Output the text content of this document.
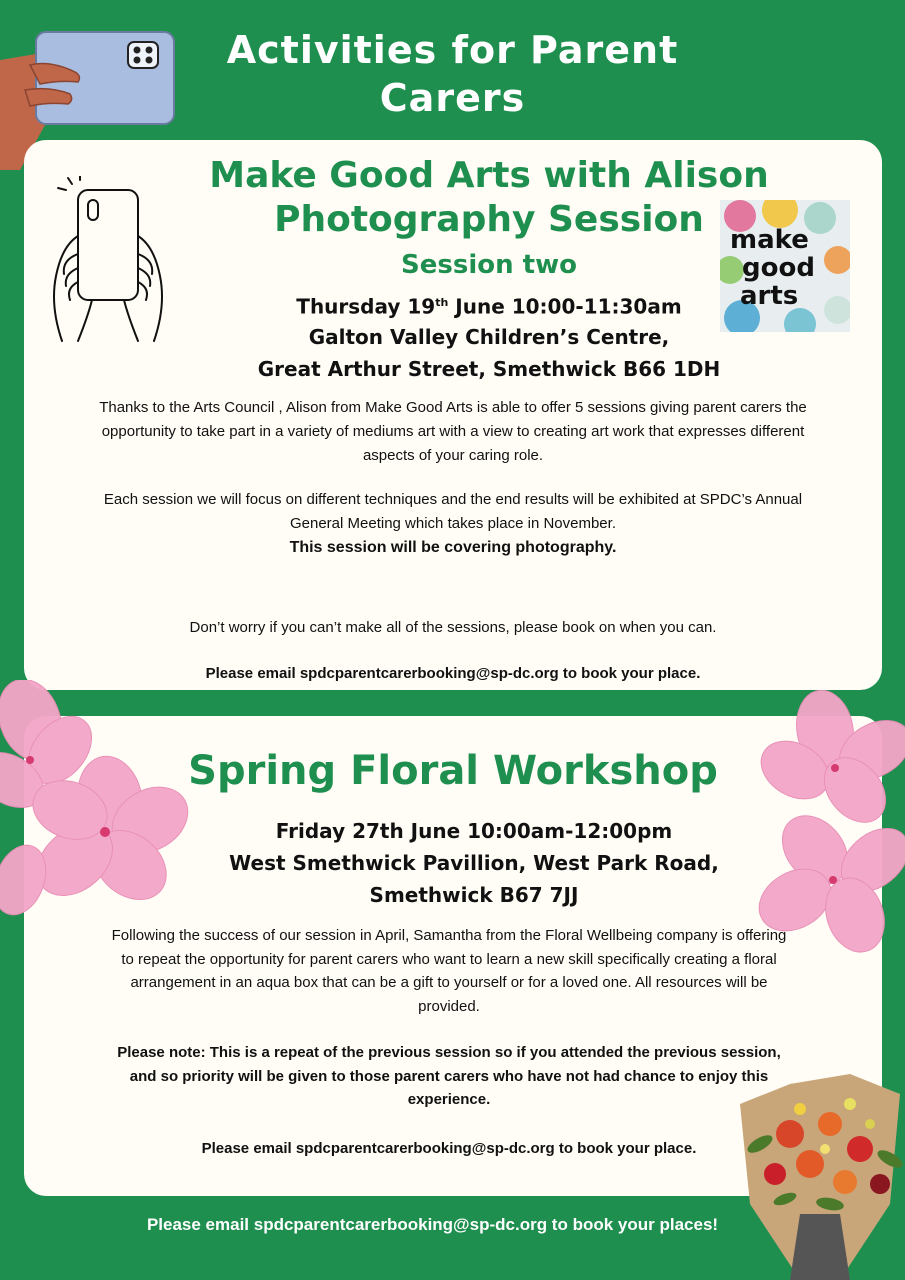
Activities for Parent Carers
Make Good Arts with Alison
Photography Session
Session two
Thursday 19th June 10:00-11:30am
Galton Valley Children’s Centre,
Great Arthur Street, Smethwick B66 1DH
make
good
arts
Thanks to the Arts Council , Alison from Make Good Arts is able to offer 5 sessions giving parent carers the opportunity to take part in a variety of mediums art with a view to creating art work that expresses different aspects of your caring role.
Each session we will focus on different techniques and the end results will be exhibited at SPDC’s Annual General Meeting which takes place in November.
This session will be covering photography.
Don’t worry if you can’t make all of the sessions, please book on when you can.
Please email spdcparentcarerbooking@sp-dc.org to book your place.
Spring Floral Workshop
Friday 27th June 10:00am-12:00pm
West Smethwick Pavillion, West Park Road,
Smethwick B67 7JJ
Following the success of our session in April, Samantha from the Floral Wellbeing company is offering to repeat the opportunity for parent carers who want to learn a new skill specifically creating a floral arrangement in an aqua box that can be a gift to yourself or for a loved one. All resources will be provided.
Please note: This is a repeat of the previous session so if you attended the previous session, and so priority will be given to those parent carers who have not had chance to enjoy this experience.
Please email spdcparentcarerbooking@sp-dc.org to book your place.
Please email spdcparentcarerbooking@sp-dc.org to book your places!
